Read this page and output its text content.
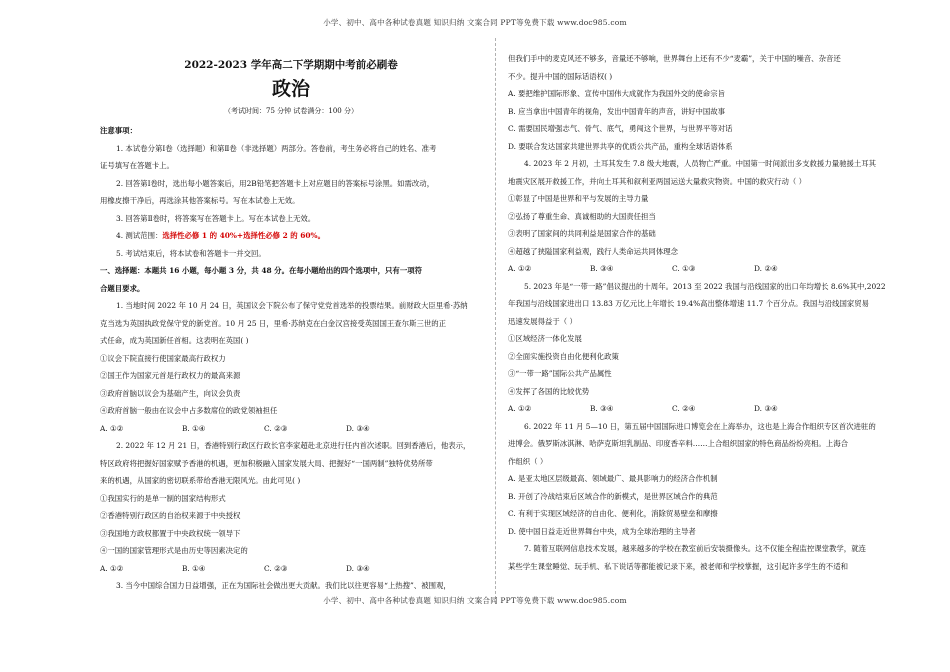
小学、初中、高中各种试卷真题 知识归纳 文案合同 PPT等免费下载 www.doc985.com

2022-2023 学年高二下学期期中考前必刷卷

政治

（考试时间：75 分钟 试卷满分：100 分）

注意事项：

1. 本试卷分第Ⅰ卷（选择题）和第Ⅱ卷（非选择题）两部分。答卷前，考生务必将自己的姓名、准考

证号填写在答题卡上。

2. 回答第Ⅰ卷时，选出每小题答案后，用2B铅笔把答题卡上对应题目的答案标号涂黑。如需改动，

用橡皮擦干净后，再选涂其他答案标号。写在本试卷上无效。

3. 回答第Ⅱ卷时，将答案写在答题卡上。写在本试卷上无效。

4. 测试范围：选择性必修 1 的 40%+选择性必修 2 的 60%。

5. 考试结束后，将本试卷和答题卡一并交回。

一、选择题：本题共 16 小题，每小题 3 分，共 48 分。在每小题给出的四个选项中，只有一项符

合题目要求。

1. 当地时间 2022 年 10 月 24 日，英国议会下院公布了保守党党首选举的投票结果。前财政大臣里希·苏纳

克当选为英国执政党保守党的新党首。10 月 25 日，里希·苏纳克在白金汉宫接受英国国王查尔斯三世的正

式任命，成为英国新任首相。这表明在英国( )

①议会下院直接行使国家最高行政权力

②国王作为国家元首是行政权力的最高来源

③政府首脑以议会为基础产生，向议会负责

④政府首脑一般由在议会中占多数席位的政党领袖担任

A. ①②	B. ①④	C. ②③	D. ③④

2. 2022 年 12 月 21 日，香港特别行政区行政长官李家超赴北京进行任内首次述职。回到香港后，他表示，

特区政府将把握好国家赋予香港的机遇，更加积极融入国家发展大局、把握好“一国两制”独特优势所带

来的机遇，从国家的密切联系带给香港无限风光。由此可见( )

①我国实行的是单一制的国家结构形式

②香港特别行政区的自治权来源于中央授权

③我国地方政权都置于中央政权统一领导下

④一国的国家管理形式是由历史等因素决定的

A. ①②	B. ①④	C. ②③	D. ③④

3. 当今中国综合国力日益增强，正在为国际社会做出更大贡献。我们比以往更容易“上热搜”、被围观，

但我们手中的麦克风还不够多，音量还不够响，世界舞台上还有不少“麦霸”，关于中国的噪音、杂音还

不少。提升中国的国际话语权( )

A. 要把维护国际形象、宣传中国伟大成就作为我国外交的使命宗旨

B. 应当拿出中国青年的视角，发出中国青年的声音，讲好中国故事

C. 需要国民增强志气、骨气、底气，勇闯这个世界，与世界平等对话

D. 要联合发达国家共建世界共享的优质公共产品，重构全球话语体系

4. 2023 年 2 月初，土耳其发生 7.8 级大地震，人员物亡严重。中国第一时间派出多支救援力量驰援土耳其

地震灾区展开救援工作，并向土耳其和叙利亚两国运送大量救灾物资。中国的救灾行动（ ）

①彰显了中国是世界和平与发展的主导力量

②弘扬了尊重生命、真诚相助的大国责任担当

③表明了国家间的共同利益是国家合作的基础

④超越了狭隘国家利益观，践行人类命运共同体理念

A. ①②	B. ③④	C. ①③	D. ②④

5. 2023 年是“一带一路”倡议提出的十周年。2013 至 2022 我国与沿线国家的出口年均增长 8.6%其中,2022

年我国与沿线国家进出口 13.83 万亿元比上年增长 19.4%高出整体增速 11.7 个百分点。我国与沿线国家贸易

迅速发展得益于（ ）

①区域经济一体化发展

②全面实施投资自由化便利化政策

③“一带一路”国际公共产品属性

④发挥了各国的比较优势

A. ①②	B. ③④	C. ②④	D. ③④

6. 2022 年 11 月 5—10 日，第五届中国国际进口博览会在上海举办，这也是上海合作组织专区首次进驻的

进博会。俄罗斯冰淇淋、哈萨克斯坦乳制品、印度香辛料……上合组织国家的特色商品纷纷亮相。上海合

作组织（ ）

A. 是亚太地区层级最高、领域最广、最具影响力的经济合作机制

B. 开创了冷战结束后区域合作的新模式，是世界区域合作的典范

C. 有利于实现区域经济的自由化、便利化，消除贸易壁垒和摩擦

D. 使中国日益走近世界舞台中央，成为全球治理的主导者

7. 随着互联网信息技术发展，越来越多的学校在教室前后安装摄像头。这不仅能全程监控课堂教学，就连

某些学生课堂睡觉、玩手机、私下说话等都能被记录下来，被老师和学校掌握，这引起许多学生的不适和

小学、初中、高中各种试卷真题 知识归纳 文案合同 PPT等免费下载 www.doc985.com
